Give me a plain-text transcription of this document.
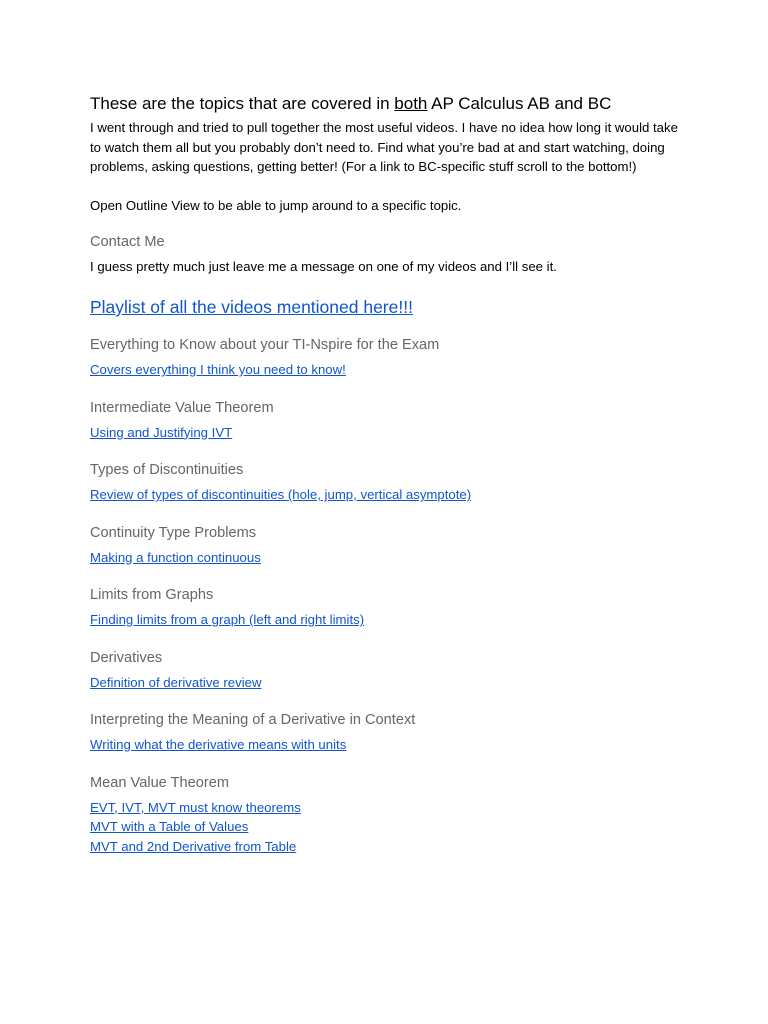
These are the topics that are covered in both AP Calculus AB and BC

I went through and tried to pull together the most useful videos. I have no idea how long it would take to watch them all but you probably don’t need to. Find what you’re bad at and start watching, doing problems, asking questions, getting better! (For a link to BC-specific stuff scroll to the bottom!)

Open Outline View to be able to jump around to a specific topic.

Contact Me

I guess pretty much just leave me a message on one of my videos and I’ll see it.

Playlist of all the videos mentioned here!!!
Everything to Know about your TI-Nspire for the Exam
Covers everything I think you need to know!
Intermediate Value Theorem
Using and Justifying IVT
Types of Discontinuities
Review of types of discontinuities (hole, jump, vertical asymptote)
Continuity Type Problems
Making a function continuous
Limits from Graphs
Finding limits from a graph (left and right limits)
Derivatives
Definition of derivative review
Interpreting the Meaning of a Derivative in Context
Writing what the derivative means with units
Mean Value Theorem
EVT, IVT, MVT must know theorems
MVT with a Table of Values
MVT and 2nd Derivative from Table
